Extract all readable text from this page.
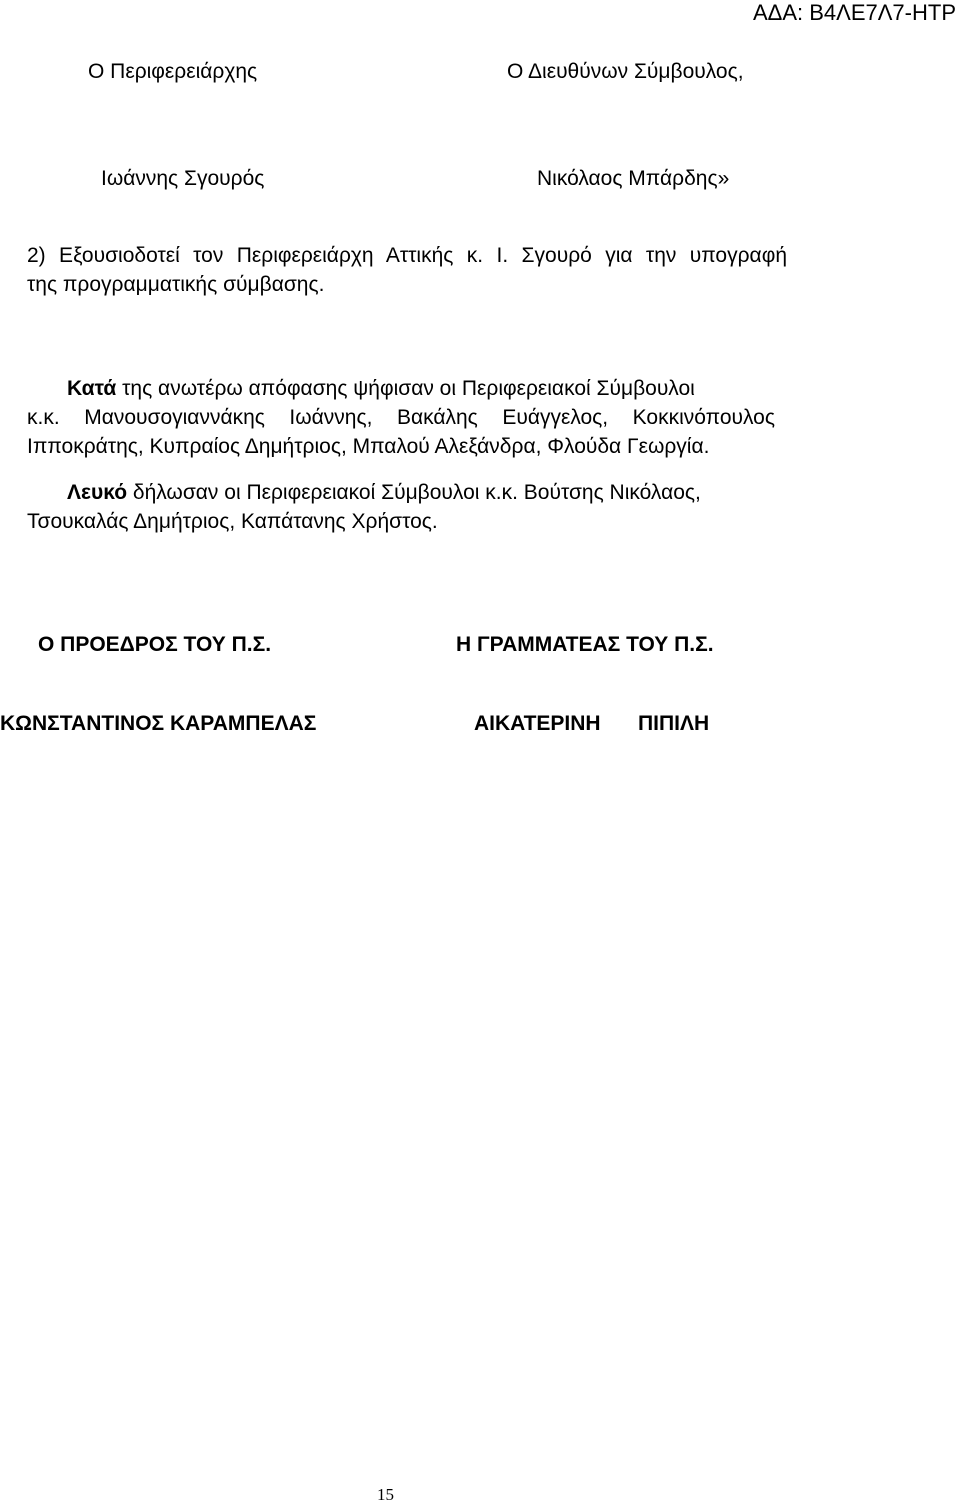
ΑΔΑ: Β4ΛΕ7Λ7-ΗΤΡ
Ο Περιφερειάρχης	Ο Διευθύνων Σύμβουλος,
Ιωάννης Σγουρός	Νικόλαος Μπάρδης»
2) Εξουσιοδοτεί τον Περιφερειάρχη Αττικής κ. Ι. Σγουρό για την υπογραφή
της προγραμματικής σύμβασης.
Κατά της ανωτέρω απόφασης ψήφισαν οι Περιφερειακοί Σύμβουλοι
κ.κ. Μανουσογιαννάκης Ιωάννης, Βακάλης Ευάγγελος, Κοκκινόπουλος
Ιπποκράτης, Κυπραίος Δημήτριος, Μπαλού Αλεξάνδρα, Φλούδα Γεωργία.
Λευκό δήλωσαν οι Περιφερειακοί Σύμβουλοι κ.κ. Βούτσης Νικόλαος,
Τσουκαλάς Δημήτριος, Καπάτανης Χρήστος.
Ο ΠΡΟΕΔΡΟΣ ΤΟΥ Π.Σ.	Η ΓΡΑΜΜΑΤΕΑΣ ΤΟΥ Π.Σ.
ΚΩΝΣΤΑΝΤΙΝΟΣ ΚΑΡΑΜΠΕΛΑΣ	ΑΙΚΑΤΕΡΙΝΗ ΠΙΠΙΛΗ
15
